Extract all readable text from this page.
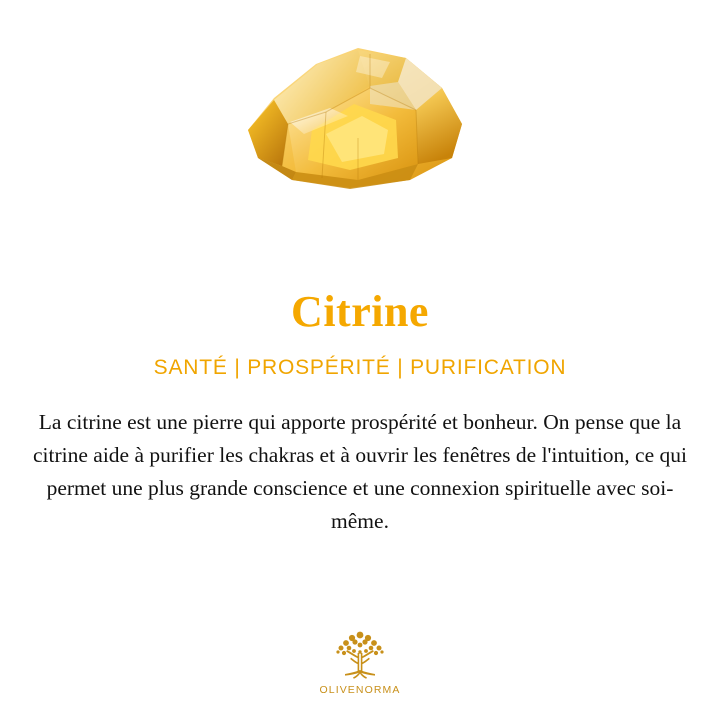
Citrine
SANTÉ | PROSPÉRITÉ | PURIFICATION

La citrine est une pierre qui apporte prospérité et bonheur. On pense que la citrine aide à purifier les chakras et à ouvrir les fenêtres de l'intuition, ce qui permet une plus grande conscience et une connexion spirituelle avec soi-même.

OLIVENORMA
